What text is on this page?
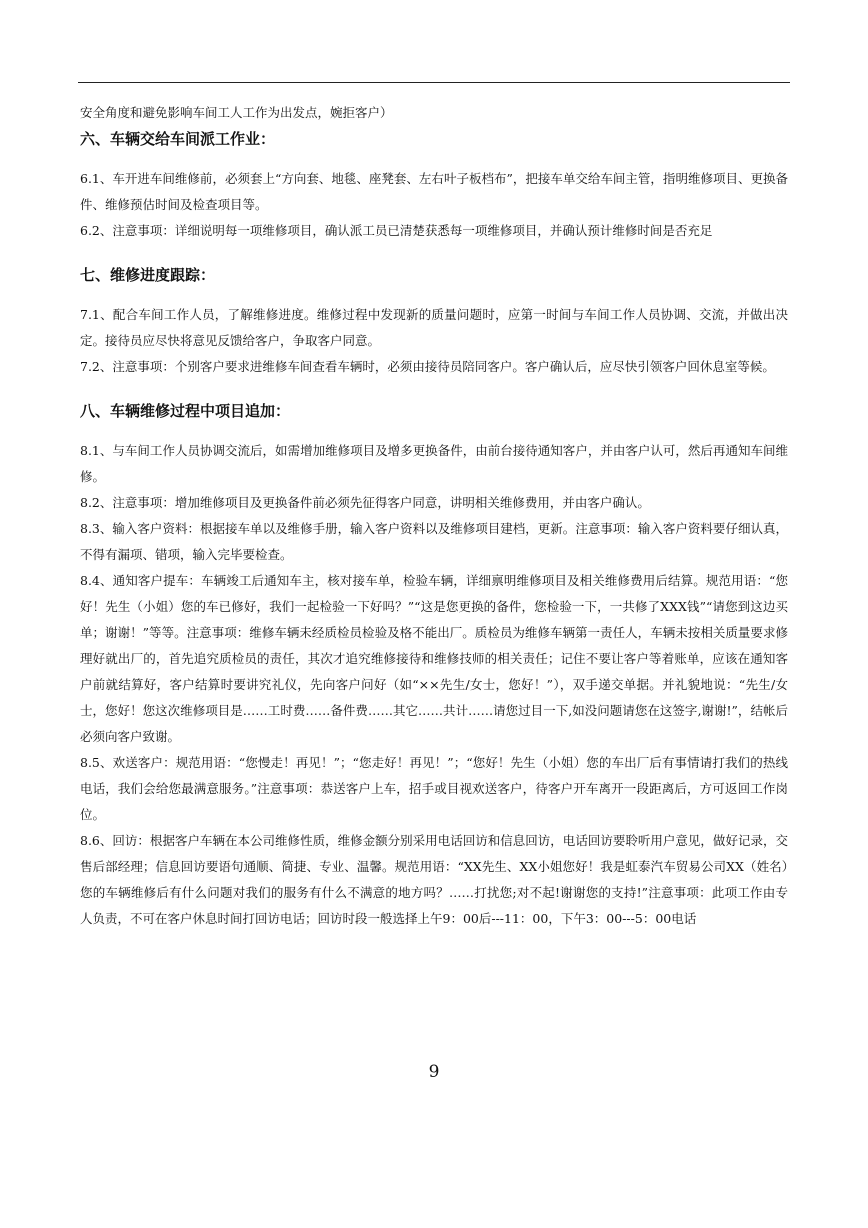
安全角度和避免影响车间工人工作为出发点，婉拒客户）

六、车辆交给车间派工作业：

6.1、车开进车间维修前，必须套上“方向套、地毯、座凳套、左右叶子板档布”，把接车单交给车间主管，指明维修项目、更换备件、维修预估时间及检查项目等。

6.2、注意事项：详细说明每一项维修项目，确认派工员已清楚获悉每一项维修项目，并确认预计维修时间是否充足

七、维修进度跟踪：

7.1、配合车间工作人员，了解维修进度。维修过程中发现新的质量问题时，应第一时间与车间工作人员协调、交流，并做出决定。接待员应尽快将意见反馈给客户，争取客户同意。

7.2、注意事项：个别客户要求进维修车间查看车辆时，必须由接待员陪同客户。客户确认后，应尽快引领客户回休息室等候。

八、车辆维修过程中项目追加：

8.1、与车间工作人员协调交流后，如需增加维修项目及增多更换备件，由前台接待通知客户，并由客户认可，然后再通知车间维修。

8.2、注意事项：增加维修项目及更换备件前必须先征得客户同意，讲明相关维修费用，并由客户确认。

8.3、输入客户资料：根据接车单以及维修手册，输入客户资料以及维修项目建档，更新。注意事项：输入客户资料要仔细认真，不得有漏项、错项，输入完毕要检查。

8.4、通知客户提车：车辆竣工后通知车主，核对接车单，检验车辆，详细禀明维修项目及相关维修费用后结算。规范用语：“您好！先生（小姐）您的车已修好，我们一起检验一下好吗？”“这是您更换的备件，您检验一下，一共修了XXX钱”“请您到这边买单；谢谢！”等等。注意事项：维修车辆未经质检员检验及格不能出厂。质检员为维修车辆第一责任人，车辆未按相关质量要求修理好就出厂的，首先追究质检员的责任，其次才追究维修接待和维修技师的相关责任；记住不要让客户等着账单，应该在通知客户前就结算好，客户结算时要讲究礼仪，先向客户问好（如“××先生/女士，您好！”），双手递交单据。并礼貌地说：“先生/女士，您好！您这次维修项目是……工时费……备件费……其它……共计……请您过目一下,如没问题请您在这签字,谢谢!”，结帐后必须向客户致谢。

8.5、欢送客户：规范用语：“您慢走！再见！”；“您走好！再见！”；“您好！先生（小姐）您的车出厂后有事情请打我们的热线电话，我们会给您最满意服务。”注意事项：恭送客户上车，招手或目视欢送客户，待客户开车离开一段距离后，方可返回工作岗位。

8.6、回访：根据客户车辆在本公司维修性质，维修金额分别采用电话回访和信息回访，电话回访要聆听用户意见，做好记录，交售后部经理；信息回访要语句通顺、简捷、专业、温馨。规范用语：“XX先生、XX小姐您好！我是虹泰汽车贸易公司XX（姓名）您的车辆维修后有什么问题对我们的服务有什么不满意的地方吗？……打扰您;对不起!谢谢您的支持!”注意事项：此项工作由专人负责，不可在客户休息时间打回访电话；回访时段一般选择上午9：00后---11：00，下午3：00---5：00电话

9
